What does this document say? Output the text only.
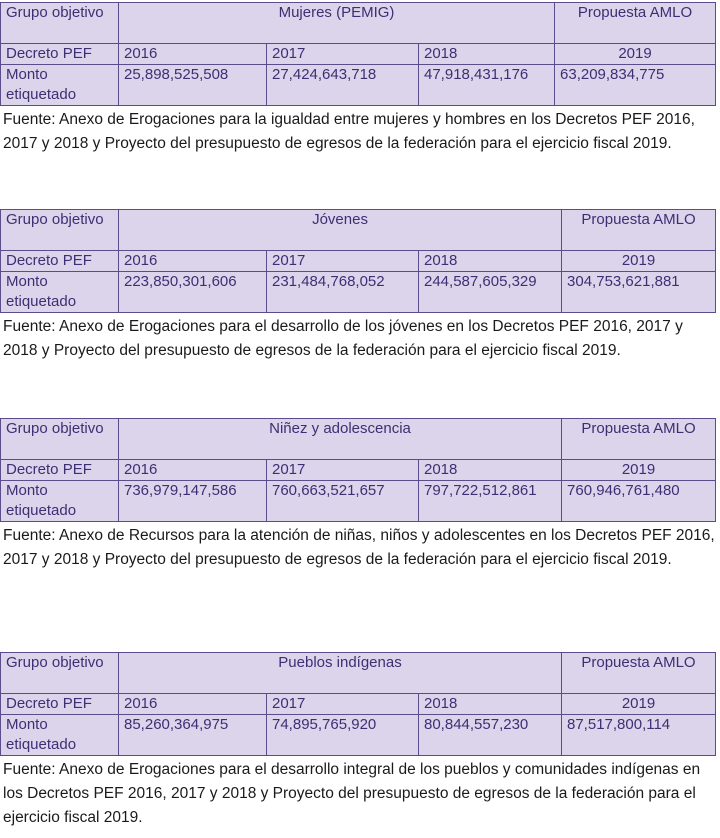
Grupo objetivo	Mujeres (PEMIG)			Propuesta AMLO
Decreto PEF	2016	2017	2018	2019
Monto etiquetado	25,898,525,508	27,424,643,718	47,918,431,176	63,209,834,775
Fuente: Anexo de Erogaciones para la igualdad entre mujeres y hombres en los Decretos PEF 2016, 2017 y 2018 y Proyecto del presupuesto de egresos de la federación para el ejercicio fiscal 2019.
Grupo objetivo	Jóvenes			Propuesta AMLO
Decreto PEF	2016	2017	2018	2019
Monto etiquetado	223,850,301,606	231,484,768,052	244,587,605,329	304,753,621,881
Fuente: Anexo de Erogaciones para el desarrollo de los jóvenes en los Decretos PEF 2016, 2017 y 2018 y Proyecto del presupuesto de egresos de la federación para el ejercicio fiscal 2019.
Grupo objetivo	Niñez y adolescencia			Propuesta AMLO
Decreto PEF	2016	2017	2018	2019
Monto etiquetado	736,979,147,586	760,663,521,657	797,722,512,861	760,946,761,480
Fuente: Anexo de Recursos para la atención de niñas, niños y adolescentes en los Decretos PEF 2016, 2017 y 2018 y Proyecto del presupuesto de egresos de la federación para el ejercicio fiscal 2019.
Grupo objetivo	Pueblos indígenas			Propuesta AMLO
Decreto PEF	2016	2017	2018	2019
Monto etiquetado	85,260,364,975	74,895,765,920	80,844,557,230	87,517,800,114
Fuente: Anexo de Erogaciones para el desarrollo integral de los pueblos y comunidades indígenas en los Decretos PEF 2016, 2017 y 2018 y Proyecto del presupuesto de egresos de la federación para el ejercicio fiscal 2019.
